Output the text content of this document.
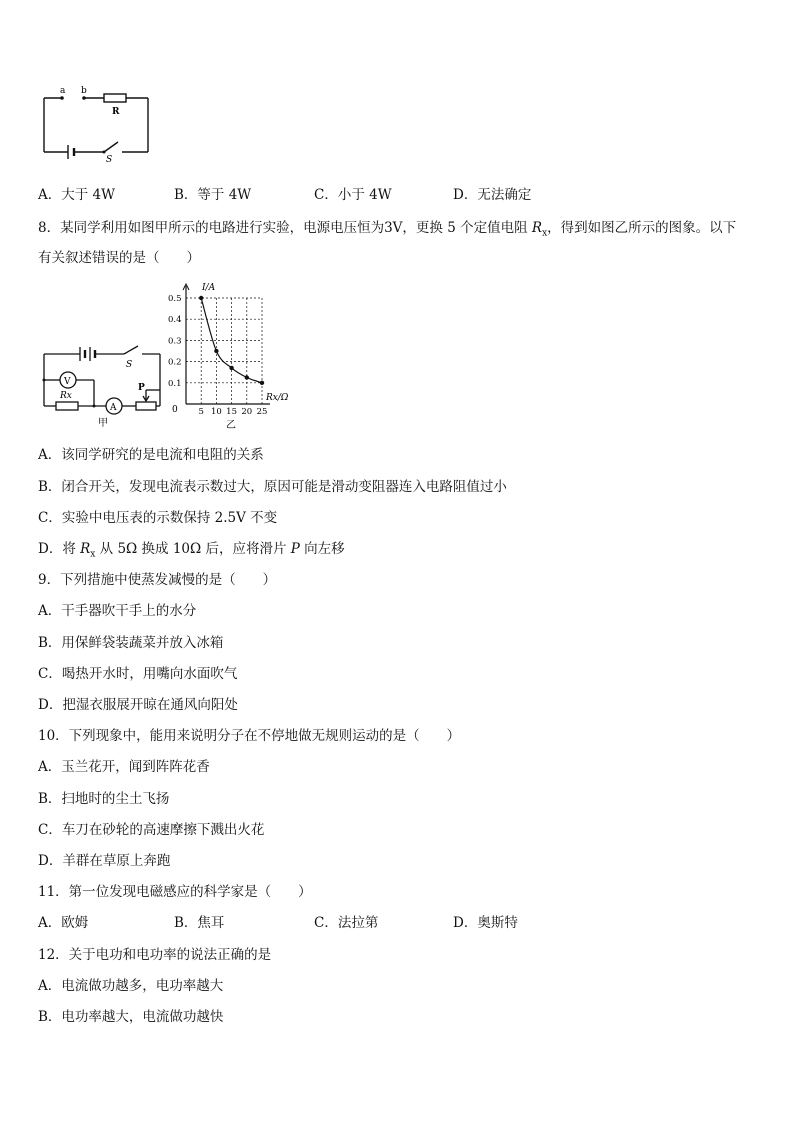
a b
R
S
A．大于 4W	B．等于 4W	C．小于 4W	D．无法确定
8．某同学利用如图甲所示的电路进行实验，电源电压恒为3V，更换 5 个定值电阻 $R_x$，得到如图乙所示的图象。以下
有关叙述错误的是（　　）
V
A
Rx
S
P
甲
0.1
0.2
0.3
0.4
0.5
5 10 15 20 25
I/A
Rx/Ω
0
乙
A．该同学研究的是电流和电阻的关系
B．闭合开关，发现电流表示数过大，原因可能是滑动变阻器连入电路阻值过小
C．实验中电压表的示数保持 2.5V 不变
D．将 $R_x$ 从 5Ω 换成 10Ω 后，应将滑片 P 向左移
9．下列措施中使蒸发减慢的是（　　）
A．干手器吹干手上的水分
B．用保鲜袋装蔬菜并放入冰箱
C．喝热开水时，用嘴向水面吹气
D．把湿衣服展开晾在通风向阳处
10．下列现象中，能用来说明分子在不停地做无规则运动的是（　　）
A．玉兰花开，闻到阵阵花香
B．扫地时的尘土飞扬
C．车刀在砂轮的高速摩擦下溅出火花
D．羊群在草原上奔跑
11．第一位发现电磁感应的科学家是（　　）
A．欧姆	B．焦耳	C．法拉第	D．奥斯特
12．关于电功和电功率的说法正确的是
A．电流做功越多，电功率越大
B．电功率越大，电流做功越快
